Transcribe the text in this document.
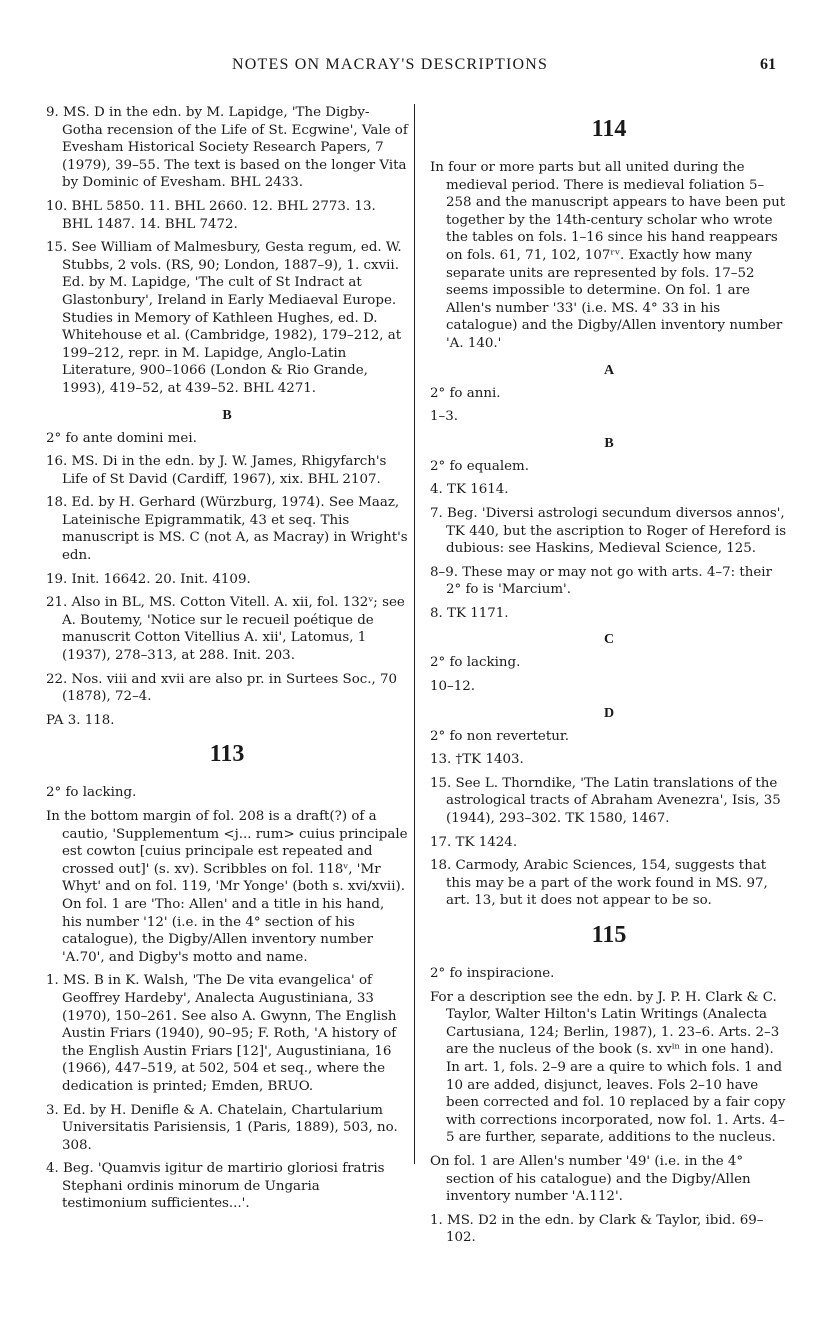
NOTES ON MACRAY'S DESCRIPTIONS	61

9. MS. D in the edn. by M. Lapidge, 'The Digby-Gotha recension of the Life of St. Ecgwine', Vale of Evesham Historical Society Research Papers, 7 (1979), 39–55. The text is based on the longer Vita by Dominic of Evesham. BHL 2433.

10. BHL 5850. 11. BHL 2660. 12. BHL 2773. 13. BHL 1487. 14. BHL 7472.

15. See William of Malmesbury, Gesta regum, ed. W. Stubbs, 2 vols. (RS, 90; London, 1887–9), 1. cxvii. Ed. by M. Lapidge, 'The cult of St Indract at Glastonbury', Ireland in Early Mediaeval Europe. Studies in Memory of Kathleen Hughes, ed. D. Whitehouse et al. (Cambridge, 1982), 179–212, at 199–212, repr. in M. Lapidge, Anglo-Latin Literature, 900–1066 (London & Rio Grande, 1993), 419–52, at 439–52. BHL 4271.

B

2° fo ante domini mei.

16. MS. Di in the edn. by J. W. James, Rhigyfarch's Life of St David (Cardiff, 1967), xix. BHL 2107.

18. Ed. by H. Gerhard (Würzburg, 1974). See Maaz, Lateinische Epigrammatik, 43 et seq. This manuscript is MS. C (not A, as Macray) in Wright's edn.

19. Init. 16642. 20. Init. 4109.

21. Also in BL, MS. Cotton Vitell. A. xii, fol. 132ᵛ; see A. Boutemy, 'Notice sur le recueil poétique de manuscrit Cotton Vitellius A. xii', Latomus, 1 (1937), 278–313, at 288. Init. 203.

22. Nos. viii and xvii are also pr. in Surtees Soc., 70 (1878), 72–4.

PA 3. 118.

113

2° fo lacking.

In the bottom margin of fol. 208 is a draft(?) of a cautio, 'Supplementum <j... rum> cuius principale est cowton [cuius principale est repeated and crossed out]' (s. xv). Scribbles on fol. 118ᵛ, 'Mr Whyt' and on fol. 119, 'Mr Yonge' (both s. xvi/xvii). On fol. 1 are 'Tho: Allen' and a title in his hand, his number '12' (i.e. in the 4° section of his catalogue), the Digby/Allen inventory number 'A.70', and Digby's motto and name.

1. MS. B in K. Walsh, 'The De vita evangelica' of Geoffrey Hardeby', Analecta Augustiniana, 33 (1970), 150–261. See also A. Gwynn, The English Austin Friars (1940), 90–95; F. Roth, 'A history of the English Austin Friars [12]', Augustiniana, 16 (1966), 447–519, at 502, 504 et seq., where the dedication is printed; Emden, BRUO.

3. Ed. by H. Denifle & A. Chatelain, Chartularium Universitatis Parisiensis, 1 (Paris, 1889), 503, no. 308.

4. Beg. 'Quamvis igitur de martirio gloriosi fratris Stephani ordinis minorum de Ungaria testimonium sufficientes...'.

114

In four or more parts but all united during the medieval period. There is medieval foliation 5–258 and the manuscript appears to have been put together by the 14th-century scholar who wrote the tables on fols. 1–16 since his hand reappears on fols. 61, 71, 102, 107ʳᵛ. Exactly how many separate units are represented by fols. 17–52 seems impossible to determine. On fol. 1 are Allen's number '33' (i.e. MS. 4° 33 in his catalogue) and the Digby/Allen inventory number 'A. 140.'

A

2° fo anni.

1–3.

B

2° fo equalem.

4. TK 1614.

7. Beg. 'Diversi astrologi secundum diversos annos', TK 440, but the ascription to Roger of Hereford is dubious: see Haskins, Medieval Science, 125.

8–9. These may or may not go with arts. 4–7: their 2° fo is 'Marcium'.

8. TK 1171.

C

2° fo lacking.

10–12.

D

2° fo non revertetur.

13. †TK 1403.

15. See L. Thorndike, 'The Latin translations of the astrological tracts of Abraham Avenezra', Isis, 35 (1944), 293–302. TK 1580, 1467.

17. TK 1424.

18. Carmody, Arabic Sciences, 154, suggests that this may be a part of the work found in MS. 97, art. 13, but it does not appear to be so.

115

2° fo inspiracione.

For a description see the edn. by J. P. H. Clark & C. Taylor, Walter Hilton's Latin Writings (Analecta Cartusiana, 124; Berlin, 1987), 1. 23–6. Arts. 2–3 are the nucleus of the book (s. xvⁱⁿ in one hand). In art. 1, fols. 2–9 are a quire to which fols. 1 and 10 are added, disjunct, leaves. Fols 2–10 have been corrected and fol. 10 replaced by a fair copy with corrections incorporated, now fol. 1. Arts. 4–5 are further, separate, additions to the nucleus.

On fol. 1 are Allen's number '49' (i.e. in the 4° section of his catalogue) and the Digby/Allen inventory number 'A.112'.

1. MS. D2 in the edn. by Clark & Taylor, ibid. 69–102.
